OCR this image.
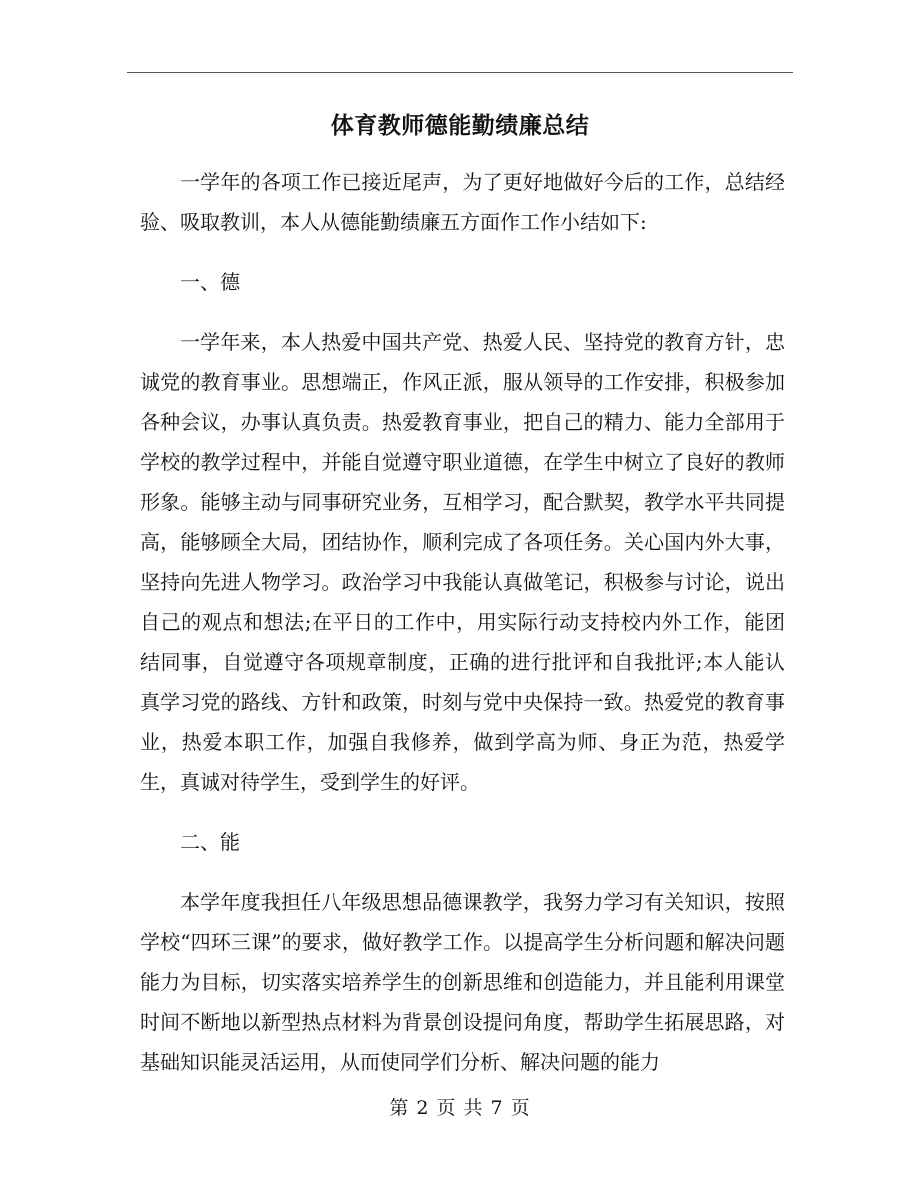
体育教师德能勤绩廉总结

一学年的各项工作已接近尾声，为了更好地做好今后的工作，总结经验、吸取教训，本人从德能勤绩廉五方面作工作小结如下:

一、德

一学年来，本人热爱中国共产党、热爱人民、坚持党的教育方针，忠诚党的教育事业。思想端正，作风正派，服从领导的工作安排，积极参加各种会议，办事认真负责。热爱教育事业，把自己的精力、能力全部用于学校的教学过程中，并能自觉遵守职业道德，在学生中树立了良好的教师形象。能够主动与同事研究业务，互相学习，配合默契，教学水平共同提高，能够顾全大局，团结协作，顺利完成了各项任务。关心国内外大事，坚持向先进人物学习。政治学习中我能认真做笔记，积极参与讨论，说出自己的观点和想法;在平日的工作中，用实际行动支持校内外工作，能团结同事，自觉遵守各项规章制度，正确的进行批评和自我批评;本人能认真学习党的路线、方针和政策，时刻与党中央保持一致。热爱党的教育事业，热爱本职工作，加强自我修养，做到学高为师、身正为范，热爱学生，真诚对待学生，受到学生的好评。

二、能

本学年度我担任八年级思想品德课教学，我努力学习有关知识，按照学校“四环三课”的要求，做好教学工作。以提高学生分析问题和解决问题能力为目标，切实落实培养学生的创新思维和创造能力，并且能利用课堂时间不断地以新型热点材料为背景创设提问角度，帮助学生拓展思路，对基础知识能灵活运用，从而使同学们分析、解决问题的能力

第 2 页 共 7 页
